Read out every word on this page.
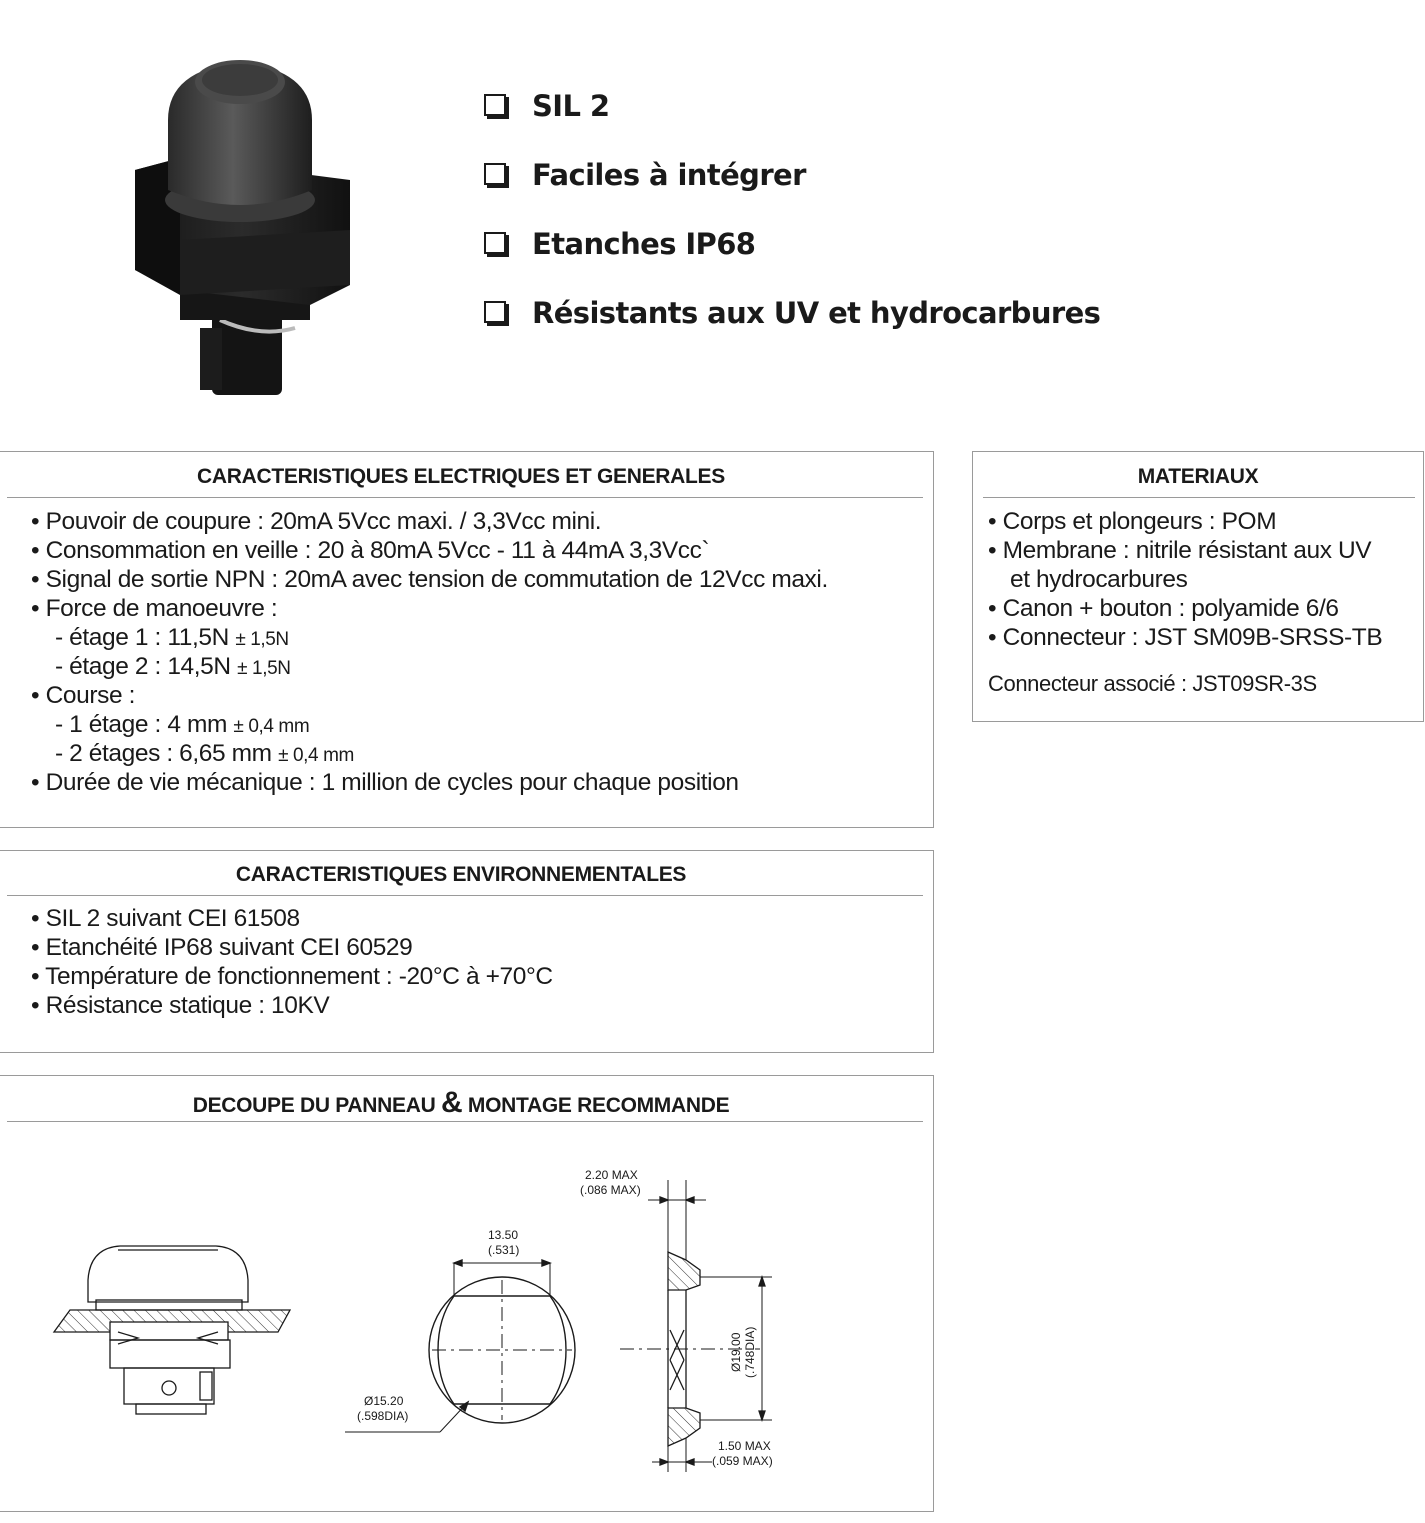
SIL 2
Faciles à intégrer
Etanches IP68
Résistants aux UV et hydrocarbures
CARACTERISTIQUES ELECTRIQUES ET GENERALES
• Pouvoir de coupure : 20mA 5Vcc maxi. / 3,3Vcc mini.
• Consommation en veille : 20 à 80mA 5Vcc - 11 à 44mA 3,3Vcc`
• Signal de sortie NPN : 20mA avec tension de commutation de 12Vcc maxi.
• Force de manoeuvre :
- étage 1 : 11,5N ± 1,5N
- étage 2 : 14,5N ± 1,5N
• Course :
- 1 étage : 4 mm ± 0,4 mm
- 2 étages : 6,65 mm ± 0,4 mm
• Durée de vie mécanique : 1 million de cycles pour chaque position
MATERIAUX
• Corps et plongeurs : POM
• Membrane : nitrile résistant aux UV
et hydrocarbures
• Canon + bouton : polyamide 6/6
• Connecteur : JST SM09B-SRSS-TB
Connecteur associé : JST09SR-3S
CARACTERISTIQUES ENVIRONNEMENTALES
• SIL 2 suivant CEI 61508
• Etanchéité IP68 suivant CEI 60529
• Température de fonctionnement : -20°C à +70°C
• Résistance statique : 10KV
DECOUPE DU PANNEAU & MONTAGE RECOMMANDE
2.20 MAX
(.086 MAX)
13.50
(.531)
Ø15.20
(.598DIA)
Ø19.00 (.748DIA)
1.50 MAX
(.059 MAX)
